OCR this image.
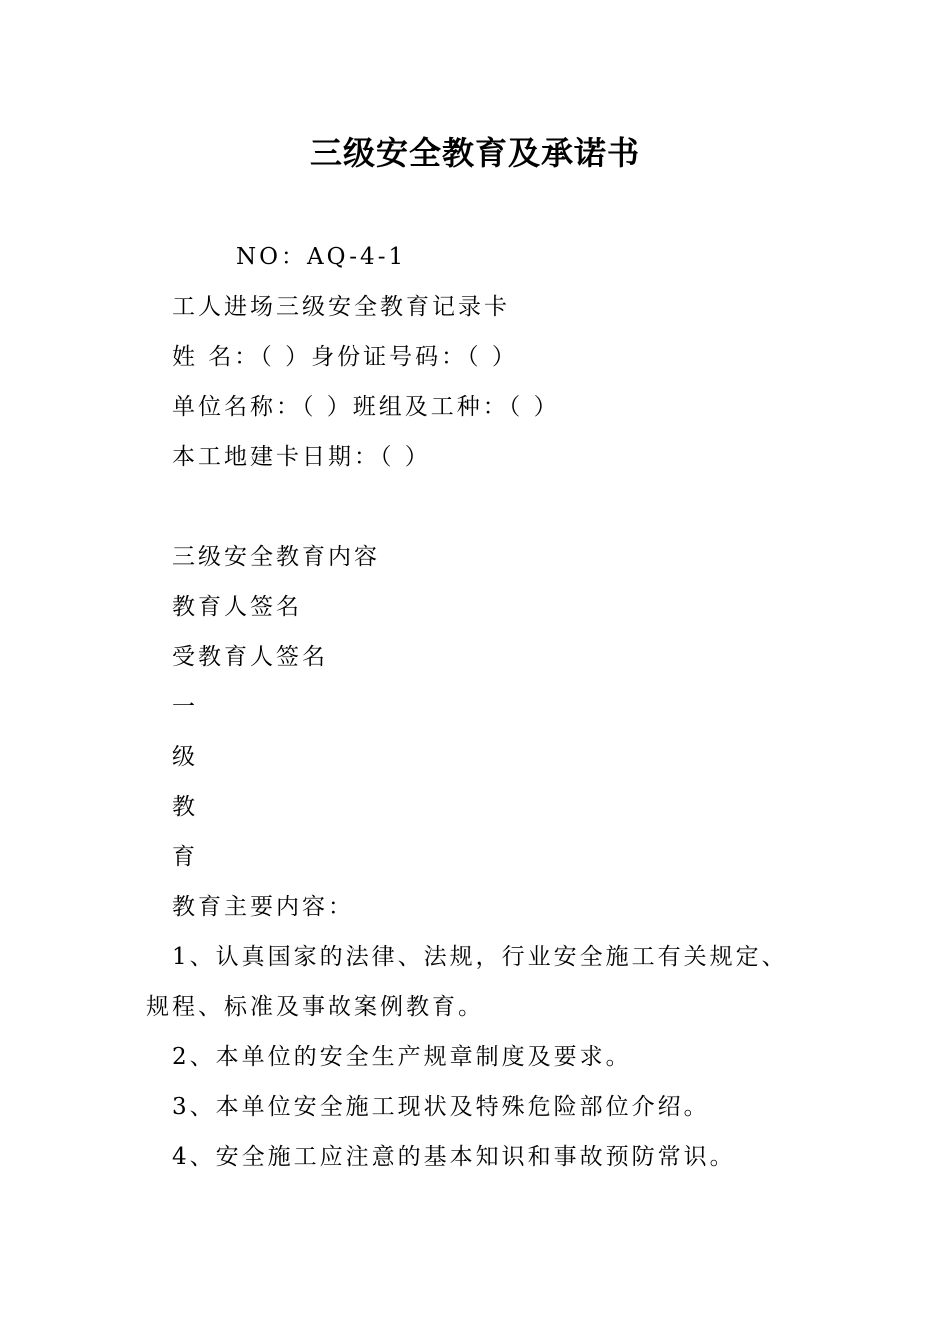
三级安全教育及承诺书

NO：AQ-4-1

工人进场三级安全教育记录卡

姓 名：（ ）身份证号码：（ ）

单位名称：（ ）班组及工种：（ ）

本工地建卡日期：（ ）

三级安全教育内容

教育人签名

受教育人签名

一

级

教

育

教育主要内容：

1、认真国家的法律、法规，行业安全施工有关规定、规程、标准及事故案例教育。

2、本单位的安全生产规章制度及要求。

3、本单位安全施工现状及特殊危险部位介绍。

4、安全施工应注意的基本知识和事故预防常识。
